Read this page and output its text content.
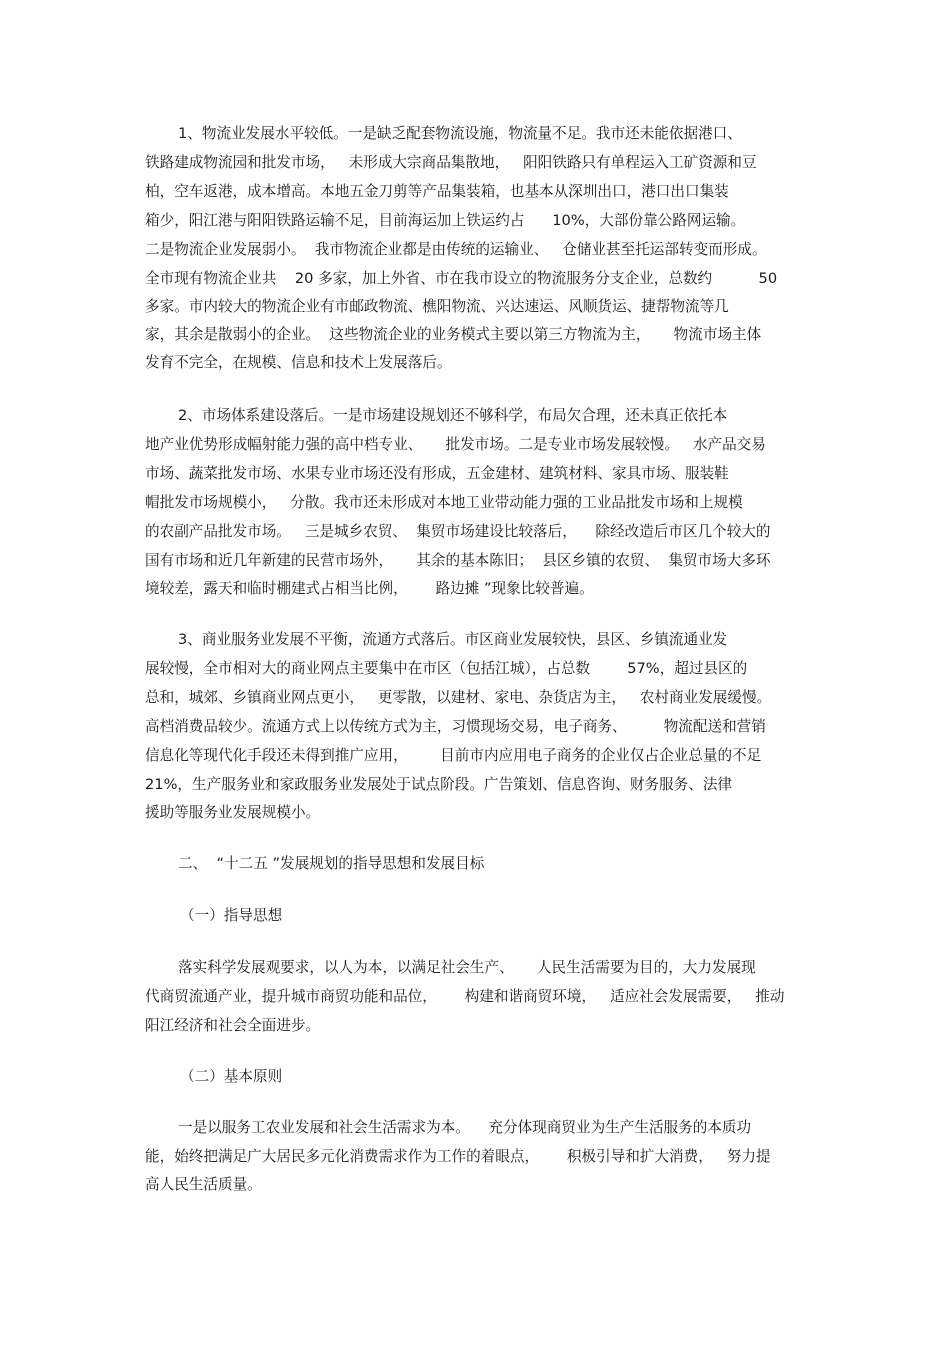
1、物流业发展水平较低。一是缺乏配套物流设施，物流量不足。我市还未能依据港口、
铁路建成物流园和批发市场，   未形成大宗商品集散地，   阳阳铁路只有单程运入工矿资源和豆
柏，空车返港，成本增高。本地五金刀剪等产品集装箱，也基本从深圳出口，港口出口集装
箱少，阳江港与阳阳铁路运输不足，目前海运加上铁运约占      10%，大部份靠公路网运输。
二是物流企业发展弱小。  我市物流企业都是由传统的运输业、   仓储业甚至托运部转变而形成。
全市现有物流企业共    20 多家，加上外省、市在我市设立的物流服务分支企业，总数约          50
多家。市内较大的物流企业有市邮政物流、樵阳物流、兴达速运、风顺货运、捷帮物流等几
家，其余是散弱小的企业。  这些物流企业的业务模式主要以第三方物流为主，     物流市场主体
发育不完全，在规模、信息和技术上发展落后。
2、市场体系建设落后。一是市场建设规划还不够科学，布局欠合理，还未真正依托本
地产业优势形成幅射能力强的高中档专业、     批发市场。二是专业市场发展较慢。   水产品交易
市场、蔬菜批发市场、水果专业市场还没有形成，五金建材、建筑材料、家具市场、服装鞋
帽批发市场规模小，   分散。我市还未形成对本地工业带动能力强的工业品批发市场和上规模
的农副产品批发市场。   三是城乡农贸、  集贸市场建设比较落后，    除经改造后市区几个较大的
国有市场和近几年新建的民营市场外，     其余的基本陈旧；  县区乡镇的农贸、  集贸市场大多环
境较差，露天和临时棚建式占相当比例，      路边摊 ”现象比较普遍。
3、商业服务业发展不平衡，流通方式落后。市区商业发展较快，县区、乡镇流通业发
展较慢，全市相对大的商业网点主要集中在市区（包括江城），占总数        57%，超过县区的
总和，城郊、乡镇商业网点更小，   更零散，以建材、家电、杂货店为主，   农村商业发展缓慢。
高档消费品较少。流通方式上以传统方式为主，习惯现场交易，电子商务、        物流配送和营销
信息化等现代化手段还未得到推广应用，       目前市内应用电子商务的企业仅占企业总量的不足
21%，生产服务业和家政服务业发展处于试点阶段。广告策划、信息咨询、财务服务、法律
援助等服务业发展规模小。
二、  “十二五 ”发展规划的指导思想和发展目标
（一）指导思想
落实科学发展观要求，以人为本，以满足社会生产、     人民生活需要为目的，大力发展现
代商贸流通产业，提升城市商贸功能和品位，      构建和谐商贸环境，   适应社会发展需要，   推动
阳江经济和社会全面进步。
（二）基本原则
一是以服务工农业发展和社会生活需求为本。    充分体现商贸业为生产生活服务的本质功
能，始终把满足广大居民多元化消费需求作为工作的着眼点，      积极引导和扩大消费，   努力提
高人民生活质量。
